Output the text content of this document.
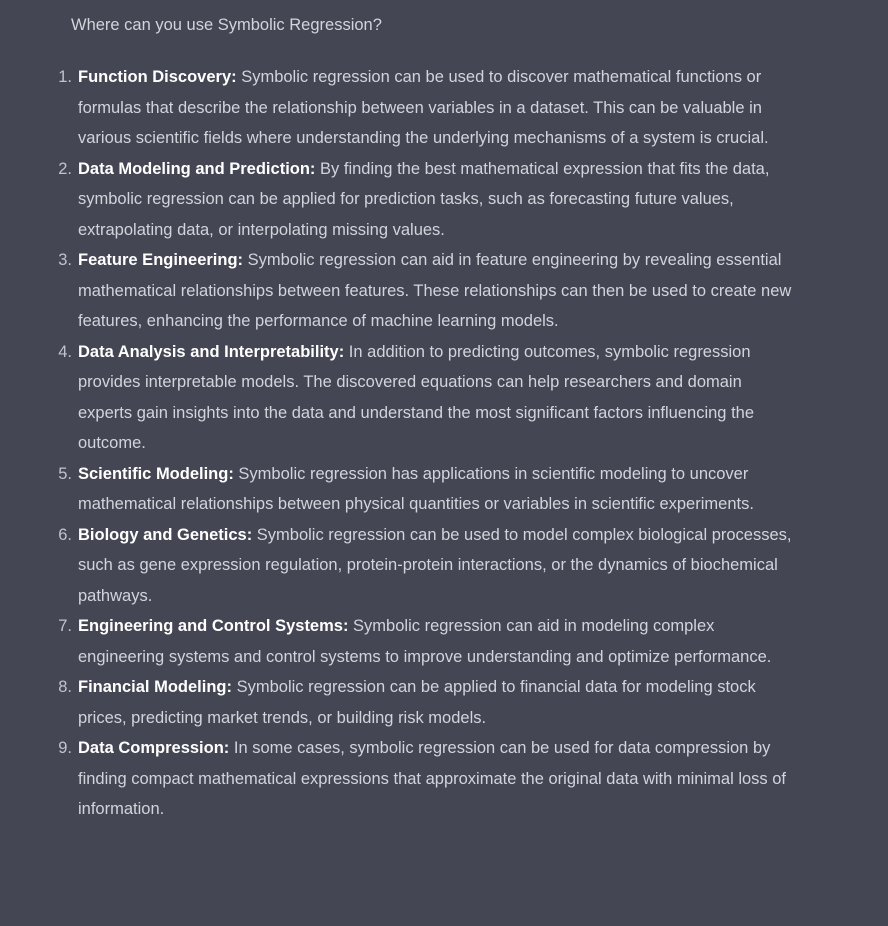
Where can you use Symbolic Regression?
1. Function Discovery: Symbolic regression can be used to discover mathematical functions or formulas that describe the relationship between variables in a dataset. This can be valuable in various scientific fields where understanding the underlying mechanisms of a system is crucial.
2. Data Modeling and Prediction: By finding the best mathematical expression that fits the data, symbolic regression can be applied for prediction tasks, such as forecasting future values, extrapolating data, or interpolating missing values.
3. Feature Engineering: Symbolic regression can aid in feature engineering by revealing essential mathematical relationships between features. These relationships can then be used to create new features, enhancing the performance of machine learning models.
4. Data Analysis and Interpretability: In addition to predicting outcomes, symbolic regression provides interpretable models. The discovered equations can help researchers and domain experts gain insights into the data and understand the most significant factors influencing the outcome.
5. Scientific Modeling: Symbolic regression has applications in scientific modeling to uncover mathematical relationships between physical quantities or variables in scientific experiments.
6. Biology and Genetics: Symbolic regression can be used to model complex biological processes, such as gene expression regulation, protein-protein interactions, or the dynamics of biochemical pathways.
7. Engineering and Control Systems: Symbolic regression can aid in modeling complex engineering systems and control systems to improve understanding and optimize performance.
8. Financial Modeling: Symbolic regression can be applied to financial data for modeling stock prices, predicting market trends, or building risk models.
9. Data Compression: In some cases, symbolic regression can be used for data compression by finding compact mathematical expressions that approximate the original data with minimal loss of information.
